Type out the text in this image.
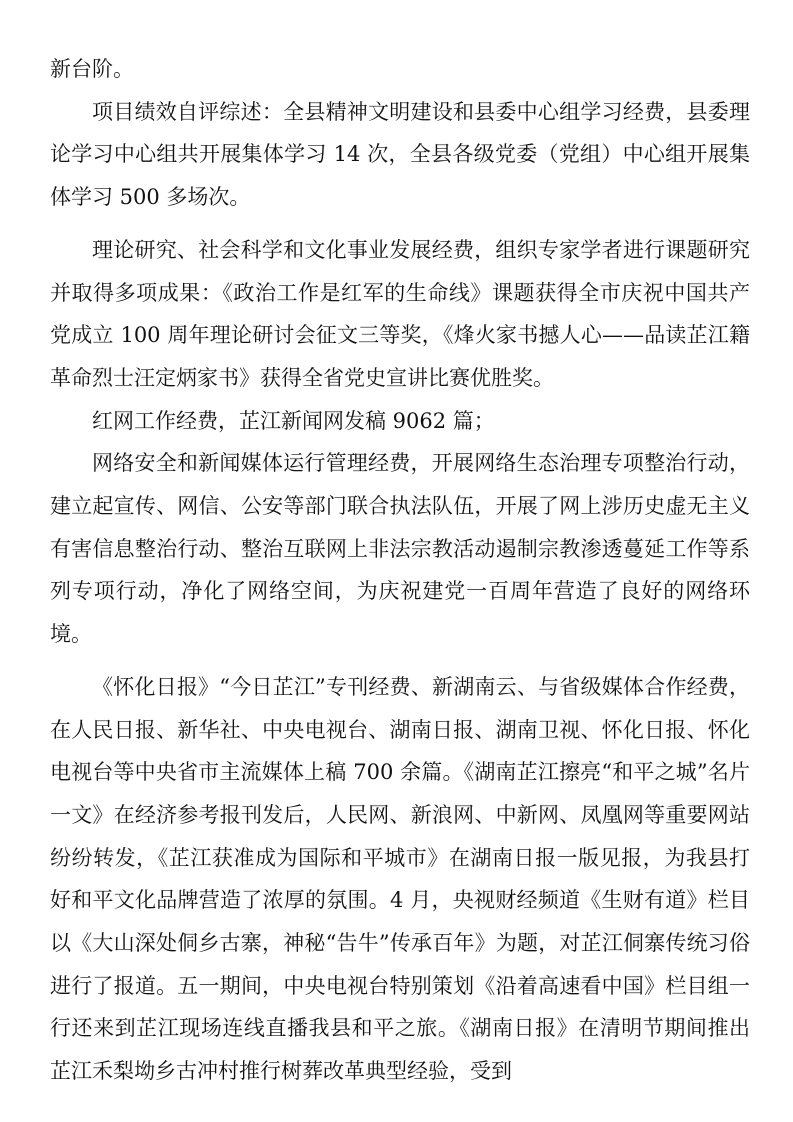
新台阶。

项目绩效自评综述：全县精神文明建设和县委中心组学习经费，县委理论学习中心组共开展集体学习 14 次，全县各级党委（党组）中心组开展集体学习 500 多场次。

理论研究、社会科学和文化事业发展经费，组织专家学者进行课题研究并取得多项成果：《政治工作是红军的生命线》课题获得全市庆祝中国共产党成立 100 周年理论研讨会征文三等奖，《烽火家书撼人心——品读芷江籍革命烈士汪定炳家书》获得全省党史宣讲比赛优胜奖。

红网工作经费，芷江新闻网发稿 9062 篇；

网络安全和新闻媒体运行管理经费，开展网络生态治理专项整治行动，建立起宣传、网信、公安等部门联合执法队伍，开展了网上涉历史虚无主义有害信息整治行动、整治互联网上非法宗教活动遏制宗教渗透蔓延工作等系列专项行动，净化了网络空间，为庆祝建党一百周年营造了良好的网络环境。

《怀化日报》“今日芷江”专刊经费、新湖南云、与省级媒体合作经费，在人民日报、新华社、中央电视台、湖南日报、湖南卫视、怀化日报、怀化电视台等中央省市主流媒体上稿 700 余篇。《湖南芷江擦亮“和平之城”名片一文》在经济参考报刊发后，人民网、新浪网、中新网、凤凰网等重要网站纷纷转发，《芷江获准成为国际和平城市》在湖南日报一版见报，为我县打好和平文化品牌营造了浓厚的氛围。4 月，央视财经频道《生财有道》栏目以《大山深处侗乡古寨，神秘“告牛”传承百年》为题，对芷江侗寨传统习俗进行了报道。五一期间，中央电视台特别策划《沿着高速看中国》栏目组一行还来到芷江现场连线直播我县和平之旅。《湖南日报》在清明节期间推出芷江禾梨坳乡古冲村推行树葬改革典型经验，受到
